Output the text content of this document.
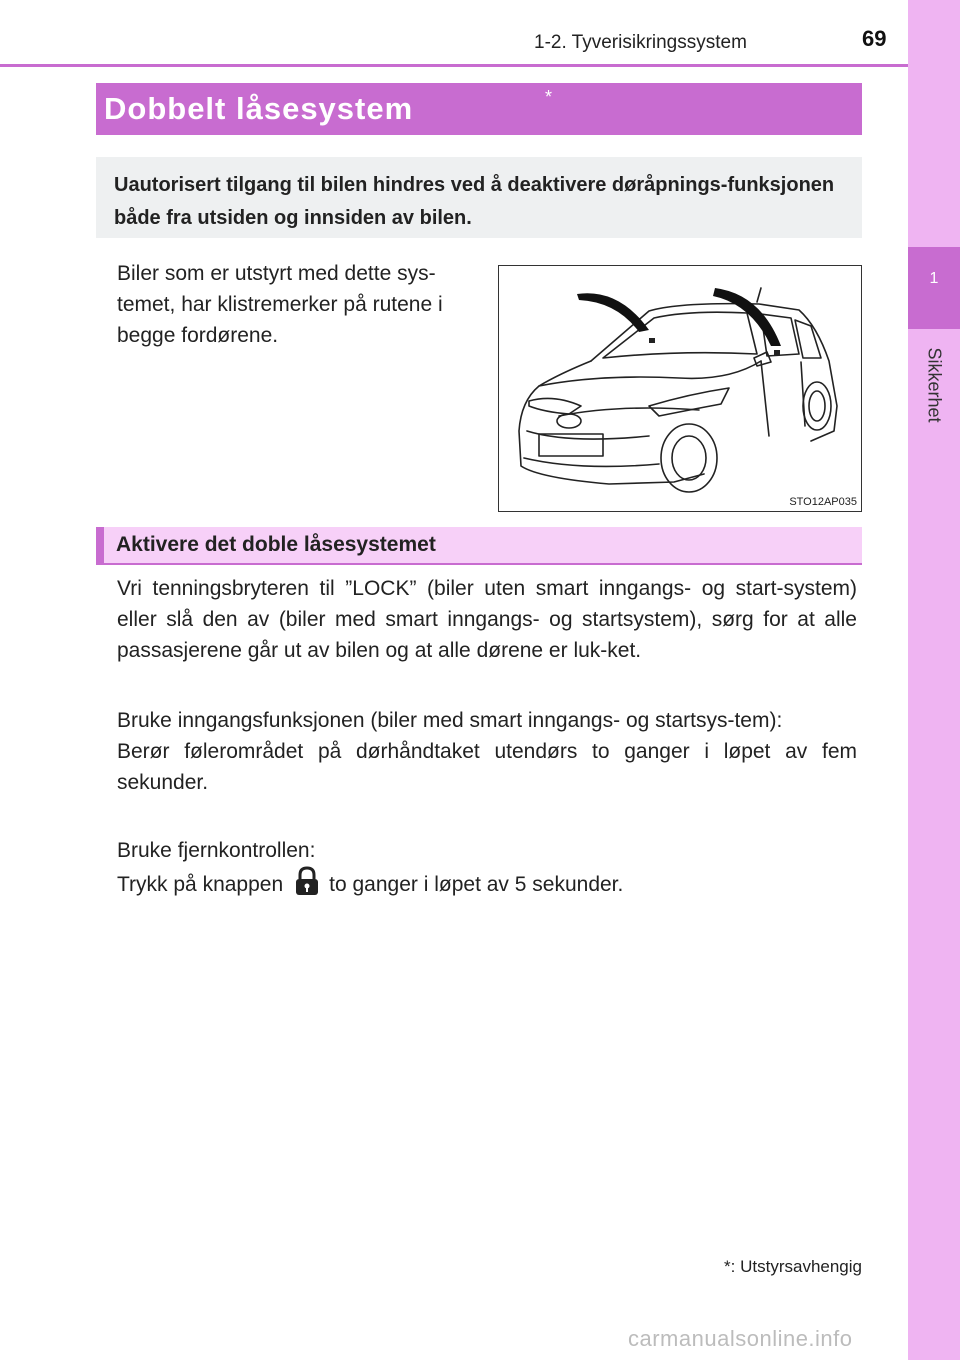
1
Sikkerhet
1-2. Tyverisikringssystem	69
Dobbelt låsesystem	*
Uautorisert tilgang til bilen hindres ved å deaktivere døråpnings-funksjonen både fra utsiden og innsiden av bilen.
Biler som er utstyrt med dette sys-temet, har klistremerker på rutene i begge fordørene.
STO12AP035
Aktivere det doble låsesystemet
Vri tenningsbryteren til ”LOCK” (biler uten smart inngangs- og start-system) eller slå den av (biler med smart inngangs- og startsystem), sørg for at alle passasjerene går ut av bilen og at alle dørene er luk-ket.
Bruke inngangsfunksjonen (biler med smart inngangs- og startsys-tem):
Berør følerområdet på dørhåndtaket utendørs to ganger i løpet av fem sekunder.
Bruke fjernkontrollen:
Trykk på knappen to ganger i løpet av 5 sekunder.
*: Utstyrsavhengig
carmanualsonline.info
